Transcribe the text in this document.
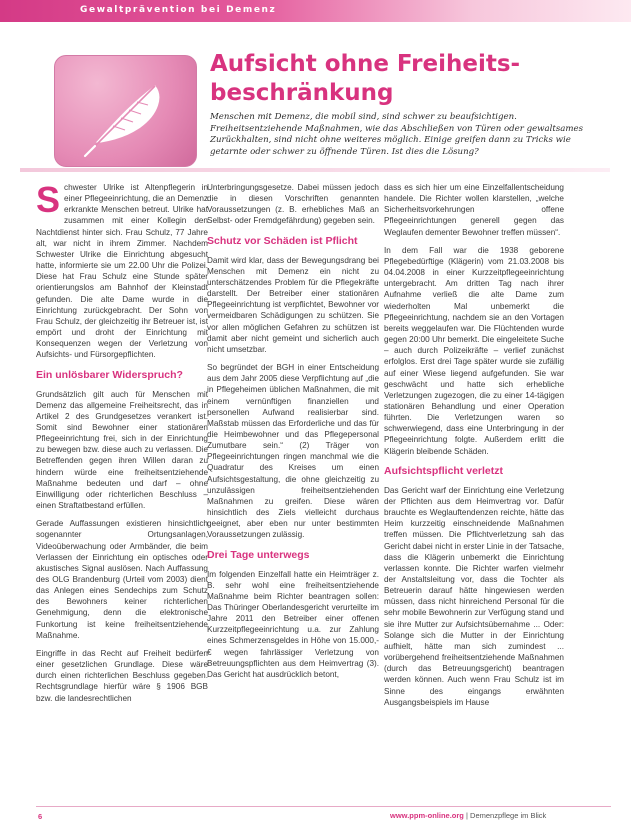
Gewaltprävention bei Demenz
Aufsicht ohne Freiheits-beschränkung

Menschen mit Demenz, die mobil sind, sind schwer zu beaufsichtigen. Freiheitsentziehende Maßnahmen, wie das Abschließen von Türen oder gewaltsames Zurückhalten, sind nicht ohne weiteres möglich. Einige greifen dann zu Tricks wie getarnte oder schwer zu öffnende Türen. Ist dies die Lösung?

Schwester Ulrike ist Altenpflegerin in einer Pflegeeinrichtung, die an Demenz erkrankte Menschen betreut. Ulrike hat zusammen mit einer Kollegin den Nachtdienst hinter sich. Frau Schulz, 77 Jahre alt, war nicht in ihrem Zimmer. Nachdem Schwester Ulrike die Einrichtung abgesucht hatte, informierte sie um 22.00 Uhr die Polizei. Diese hat Frau Schulz eine Stunde später orientierungslos am Bahnhof der Kleinstadt gefunden. Die alte Dame wurde in die Einrichtung zurückgebracht. Der Sohn von Frau Schulz, der gleichzeitig ihr Betreuer ist, ist empört und droht der Einrichtung mit Konsequenzen wegen der Verletzung von Aufsichts- und Fürsorgepflichten.

Ein unlösbarer Widerspruch?

Grundsätzlich gilt auch für Menschen mit Demenz das allgemeine Freiheitsrecht, das in Artikel 2 des Grundgesetzes verankert ist. Somit sind Bewohner einer stationären Pflegeeinrichtung frei, sich in der Einrichtung zu bewegen bzw. diese auch zu verlassen. Die Betreffenden gegen ihren Willen daran zu hindern würde eine freiheitsentziehende Maßnahme bedeuten und darf – ohne Einwilligung oder richterlichen Beschluss – einen Straftatbestand erfüllen.

Gerade Auffassungen existieren hinsichtlich sogenannter Ortungsanlagen, Videoüberwachung oder Armbänder, die beim Verlassen der Einrichtung ein optisches oder akustisches Signal auslösen. Nach Auffassung des OLG Brandenburg (Urteil vom 2003) dient das Anlegen eines Sendechips zum Schutz des Bewohners keiner richterlichen Genehmigung, denn die elektronische Funkortung ist keine freiheitsentziehende Maßnahme.

Eingriffe in das Recht auf Freiheit bedürfen einer gesetzlichen Grundlage. Diese wäre durch einen richterlichen Beschluss gegeben. Rechtsgrundlage hierfür wäre § 1906 BGB bzw. die landesrechtlichen

Unterbringungsgesetze. Dabei müssen jedoch die in diesen Vorschriften genannten Voraussetzungen (z. B. erhebliches Maß an Selbst- oder Fremdgefährdung) gegeben sein.

Schutz vor Schäden ist Pflicht

Damit wird klar, dass der Bewegungsdrang bei Menschen mit Demenz ein nicht zu unterschätzendes Problem für die Pflegekräfte darstellt. Der Betreiber einer stationären Pflegeeinrichtung ist verpflichtet, Bewohner vor vermeidbaren Schädigungen zu schützen. Sie vor allen möglichen Gefahren zu schützen ist damit aber nicht gemeint und sicherlich auch nicht umsetzbar.

So begründet der BGH in einer Entscheidung aus dem Jahr 2005 diese Verpflichtung auf „die in Pflegeheimen üblichen Maßnahmen, die mit einem vernünftigen finanziellen und personellen Aufwand realisierbar sind. Maßstab müssen das Erforderliche und das für die Heimbewohner und das Pflegepersonal Zumutbare sein.“ (2) Träger von Pflegeeinrichtungen ringen manchmal wie die Quadratur des Kreises um einen Aufsichtsgestaltung, die ohne gleichzeitig zu unzulässigen freiheitsentziehenden Maßnahmen zu greifen. Diese wären hinsichtlich des Ziels vielleicht durchaus geeignet, aber eben nur unter bestimmten Voraussetzungen zulässig.

Drei Tage unterwegs

Im folgenden Einzelfall hatte ein Heimträger z. B. sehr wohl eine freiheitsentziehende Maßnahme beim Richter beantragen sollen: Das Thüringer Oberlandesgericht verurteilte im Jahre 2011 den Betreiber einer offenen Kurzzeitpflegeeinrichtung u.a. zur Zahlung eines Schmerzensgeldes in Höhe von 15.000,- € wegen fahrlässiger Verletzung von Betreuungspflichten aus dem Heimvertrag (3). Das Gericht hat ausdrücklich betont,

dass es sich hier um eine Einzelfallentscheidung handele. Die Richter wollen klarstellen, „welche Sicherheitsvorkehrungen offene Pflegeeinrichtungen generell gegen das Weglaufen dementer Bewohner treffen müssen“.

In dem Fall war die 1938 geborene Pflegebedürftige (Klägerin) vom 21.03.2008 bis 04.04.2008 in einer Kurzzeitpflegeeinrichtung untergebracht. Am dritten Tag nach ihrer Aufnahme verließ die alte Dame zum wiederholten Mal unbemerkt die Pflegeeinrichtung, nachdem sie an den Vortagen bereits weggelaufen war. Die Flüchtenden wurde gegen 20:00 Uhr bemerkt. Die eingeleitete Suche – auch durch Polizeikräfte – verlief zunächst erfolglos. Erst drei Tage später wurde sie zufällig auf einer Wiese liegend aufgefunden. Sie war geschwächt und hatte sich erhebliche Verletzungen zugezogen, die zu einer 14-tägigen stationären Behandlung und einer Operation führten. Die Verletzungen waren so schwerwiegend, dass eine Unterbringung in der Pflegeeinrichtung folgte. Außerdem erlitt die Klägerin bleibende Schäden.

Aufsichtspflicht verletzt

Das Gericht warf der Einrichtung eine Verletzung der Pflichten aus dem Heimvertrag vor. Dafür brauchte es Weglauftendenzen reichte, hätte das Heim kurzzeitig einschneidende Maßnahmen treffen müssen. Die Pflichtverletzung sah das Gericht dabei nicht in erster Linie in der Tatsache, dass die Klägerin unbemerkt die Einrichtung verlassen konnte. Die Richter warfen vielmehr der Anstaltsleitung vor, dass die Tochter als Betreuerin darauf hätte hingewiesen werden müssen, dass nicht hinreichend Personal für die sehr mobile Bewohnerin zur Verfügung stand und sie ihre Mutter zur Aufsichtsübernahme ... Oder: Solange sich die Mutter in der Einrichtung aufhielt, hätte man sich zumindest ... vorübergehend freiheitsentziehende Maßnahmen (durch das Betreuungsgericht) beantragen werden können. Auch wenn Frau Schulz ist im Sinne des eingangs erwähnten Ausgangsbeispiels im Hause

6	www.ppm-online.org | Demenzpflege im Blick
